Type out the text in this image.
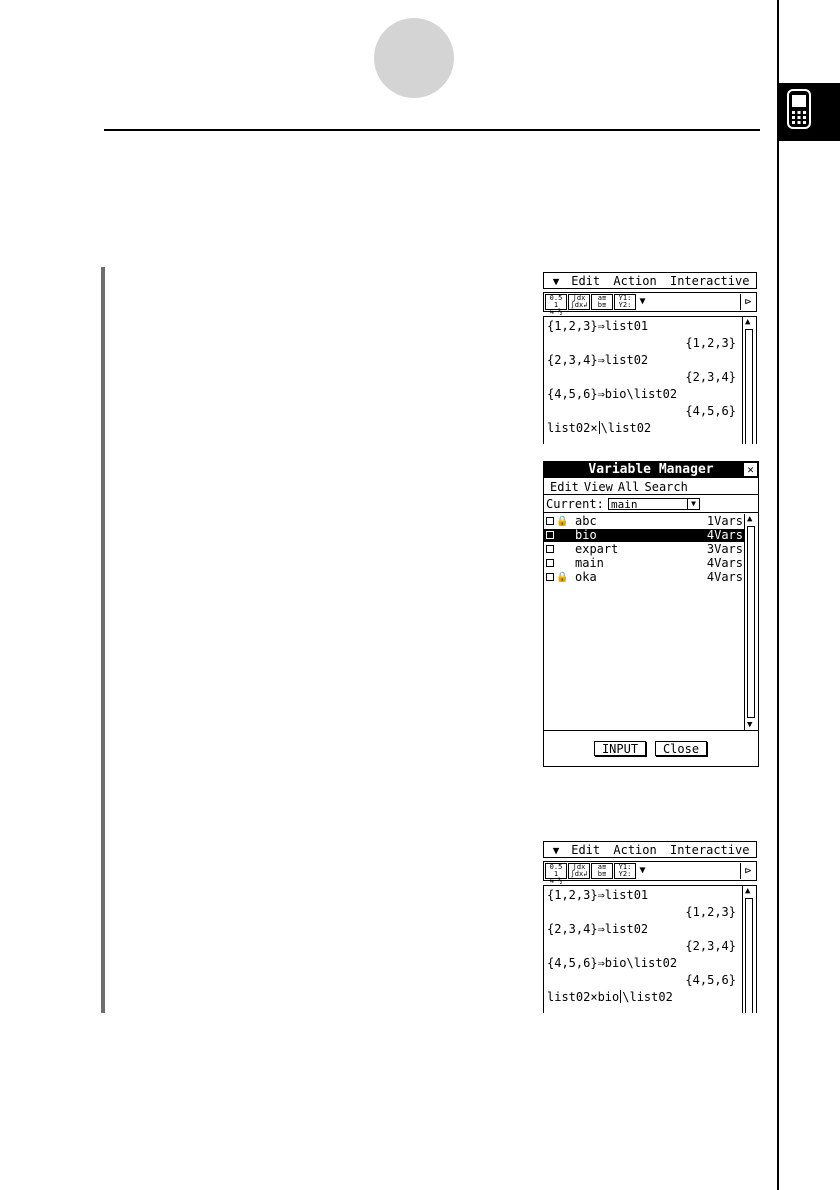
▼ Edit Action Interactive
0.5 1
⇆ ½
∫dx
∫dx↲
a≡
b≡
Y1:
Y2: ▼	⊳
{1,2,3}⇒list01
{1,2,3}
{2,3,4}⇒list02
{2,3,4}
{4,5,6}⇒bio\list02
{4,5,6}
list02× \list02
▲
Variable Manager	✕
Edit View All Search
Current: main	▼
🔒 abc	1Vars
bio	4Vars
expart	3Vars
main	4Vars
🔒 oka	4Vars
▲
▼
INPUT	Close
▼ Edit Action Interactive
0.5 1
⇆ ½
∫dx
∫dx↲
a≡
b≡
Y1:
Y2: ▼	⊳
{1,2,3}⇒list01
{1,2,3}
{2,3,4}⇒list02
{2,3,4}
{4,5,6}⇒bio\list02
{4,5,6}
list02×bio \list02
▲
